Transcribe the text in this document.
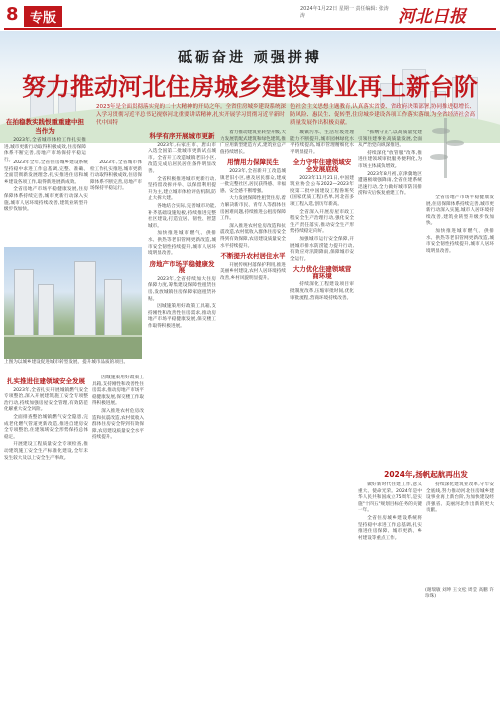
8 专版
2024年1月22日 星期一 责任编辑: 张涛涛	河北日报
砥砺奋进 顽强拼搏
努力推动河北住房城乡建设事业再上新台阶
2023年是全面贯彻落实党的二十大精神的开局之年。全省住房城乡建设系统深入学习贯彻习近平总书记视察河北重要讲话精神,扎实开展学习贯彻习近平新时代中国特
色社会主义思想主题教育,认真落实省委、省政府决策部署,协同推进稳增长、防风险、惠民生、促转型,住房城乡建设各项工作落实落细,为全省经济社会高质量发展作出积极贡献。
在拍稳教实践恨重重建中担当作为
2023年,全省城市体检工作扎实推进,城市更新行动取得积极成效,住房保障体系不断完善,房地产市场保持平稳运行。 2023年全年,全省住房城乡建设系统坚持稳中求进工作总基调,完整、准确、全面贯彻新发展理念,扎实推进住房和城乡建设各项工作,取得新进展新成效。

全省房地产市场平稳健康发展,住房保障体系持续完善,城市更新行动深入实施,城市人居环境持续改善,建筑业转型升级步伐加快。

上图为以城乡建设促进城市转型发展、提升城市品质的项目。
扎实推进住建领域安全发展

2023年,全省扎实开展城镇燃气安全专项整治,深入开展建筑施工安全专项整治行动,持续加强房屋安全管理,有效防范化解重大安全风险。

全面排查整治城镇燃气安全隐患,完成老化燃气管道更新改造,推进自建房安全专项整治,住建领域安全形势保持总体稳定。

开展建设工程质量安全专项检查,推动建筑施工安全生产标准化建设,全年未发生较大及以上安全生产事故。

2023年,全省城市体检工作扎实推进,城市更新行动取得积极成效,住房保障体系不断完善,房地产市场保持平稳运行。

因城施策用好政策工具箱,支持刚性和改善性住房需求,推动房地产市场平稳健康发展,保交楼工作取得积极进展。

深入推进农村危房改造和抗震改造,农村低收入群体住房安全得到有效保障,农房建设质量安全水平持续提升。

科学有序开展城市更新

2023年,石家庄市、唐山市入选全国第二批城市更新试点城市。全省开工改造城镇老旧小区,改造完成后居民居住条件明显改善。

全省积极推进城市更新行动,坚持留改拆并举、以保留利用提升为主,建立城市体检评估机制,防止大拆大建。

各地结合实际,完善城市功能,补齐基础设施短板,持续推进完整社区建设,打造宜居、韧性、智慧城市。

加快推进城市燃气、供排水、供热等老旧管网更新改造,城市安全韧性持续提升,城市人居环境明显改善。

房地产市场平稳健康发展

2023年,全省持续加大住房保障力度,筹集建设保障性租赁住房,发放城镇住房保障家庭租赁补贴。

因城施策用好政策工具箱,支持刚性和改善性住房需求,推动房地产市场平稳健康发展,保交楼工作取得积极进展。

着力推动建筑业转型升级,大力发展装配式建筑和绿色建筑,推广应用新型建造方式,建筑业总产值持续增长。

用情用力保障民生

2023年,全省新开工改造城镇老旧小区,惠及居民群众,建成一批完整社区,居民获得感、幸福感、安全感不断增强。

大力发展保障性租赁住房,着力解决新市民、青年人等群体住房困难问题,持续推进公租房保障工作。

深入推进农村危房改造和抗震改造,农村低收入群体住房安全得到有效保障,农房建设质量安全水平持续提升。

不断提升农村居住水平

开展传统村落保护利用,推进美丽乡村建设,农村人居环境持续改善,乡村风貌明显提升。

城镇污水、生活垃圾处理能力不断提升,城市园林绿化水平持续提高,城市管理精细化水平明显提升。

全力守牢住建领域安全发展底线

2023年11月21日,中国建筑业协会公布2022—2023年度第二批中国建设工程鲁班奖(国家优质工程)名单,河北省多项工程入选,创历年新高。

全省深入开展房屋市政工程安全生产治理行动,强化安全生产责任落实,推动安全生产形势持续稳定向好。

加强城市运行安全保障,开展城市排水防涝能力提升行动,有效应对汛期降雨,保障城市安全运行。

大力优化住建领域营商环境

持续深化工程建设项目审批制度改革,压缩审批时间,优化审批流程,营商环境持续改善。

"抓纲守正",以高质量党建引领住建事业高质量发展,全面从严治党向纵深推进。

持续深化"放管服"改革,推进住建领域审批服务便利化,为市场主体减负增效。

2023年8月初,京津冀地区遭遇极端强降雨,全省住建系统迅速行动,全力做好城市防汛排涝和灾后恢复重建工作。

全省房地产市场平稳健康发展,住房保障体系持续完善,城市更新行动深入实施,城市人居环境持续改善,建筑业转型升级步伐加快。

加快推进城市燃气、供排水、供热等老旧管网更新改造,城市安全韧性持续提升,城市人居环境明显改善。

2024年,扬帆起航再出发

做好新时代住建工作,意义重大、使命光荣。2024年是中华人民共和国成立75周年,是实施"十四五"规划目标任务的关键一年。

全省住房城乡建设系统将坚持稳中求进工作总基调,扎实推进住房保障、城市更新、乡村建设等重点工作。

持续深化建筑业改革,守牢安全底线,努力推动河北住房城乡建设事业再上新台阶,为加快建设经济强省、美丽河北作出新的更大贡献。

(谢瑞敏 刘坤 王文松 周莹 高鹏 许珍珠)
